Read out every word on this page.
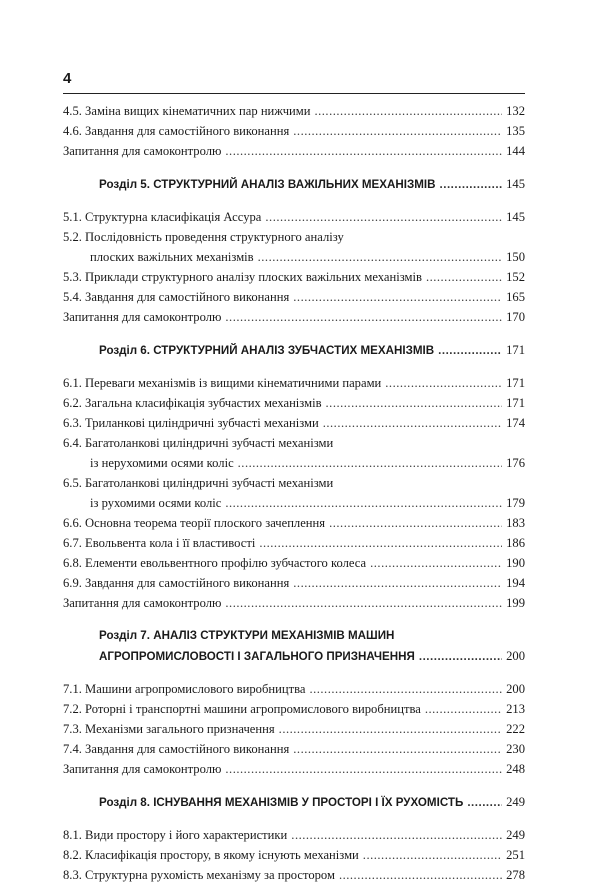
4
4.5. Заміна вищих кінематичних пар нижчими .....	132
4.6. Завдання для самостійного виконання .....	135
Запитання для самоконтролю .....	144
Розділ 5. СТРУКТУРНИЙ АНАЛІЗ ВАЖІЛЬНИХ МЕХАНІЗМІВ .....	145
5.1. Структурна класифікація Ассура .....	145
5.2. Послідовність проведення структурного аналізу
плоских важільних механізмів .....	150
5.3. Приклади структурного аналізу плоских важільних механізмів .....	152
5.4. Завдання для самостійного виконання .....	165
Запитання для самоконтролю .....	170
Розділ 6. СТРУКТУРНИЙ АНАЛІЗ ЗУБЧАСТИХ МЕХАНІЗМІВ .....	171
6.1. Переваги механізмів із вищими кінематичними парами .....	171
6.2. Загальна класифікація зубчастих механізмів .....	171
6.3. Триланкові циліндричні зубчасті механізми .....	174
6.4. Багатоланкові циліндричні зубчасті механізми
із нерухомими осями коліс .....	176
6.5. Багатоланкові циліндричні зубчасті механізми
із рухомими осями коліс .....	179
6.6. Основна теорема теорії плоского зачеплення .....	183
6.7. Евольвента кола і її властивості .....	186
6.8. Елементи евольвентного профілю зубчастого колеса .....	190
6.9. Завдання для самостійного виконання .....	194
Запитання для самоконтролю .....	199
Розділ 7. АНАЛІЗ СТРУКТУРИ МЕХАНІЗМІВ МАШИН
АГРОПРОМИСЛОВОСТІ І ЗАГАЛЬНОГО ПРИЗНАЧЕННЯ .....	200
7.1. Машини агропромислового виробництва .....	200
7.2. Роторні і транспортні машини агропромислового виробництва .....	213
7.3. Механізми загального призначення .....	222
7.4. Завдання для самостійного виконання .....	230
Запитання для самоконтролю .....	248
Розділ 8. ІСНУВАННЯ МЕХАНІЗМІВ У ПРОСТОРІ І ЇХ РУХОМІСТЬ .....	249
8.1. Види простору і його характеристики .....	249
8.2. Класифікація простору, в якому існують механізми .....	251
8.3. Структурна рухомість механізму за простором .....	278
